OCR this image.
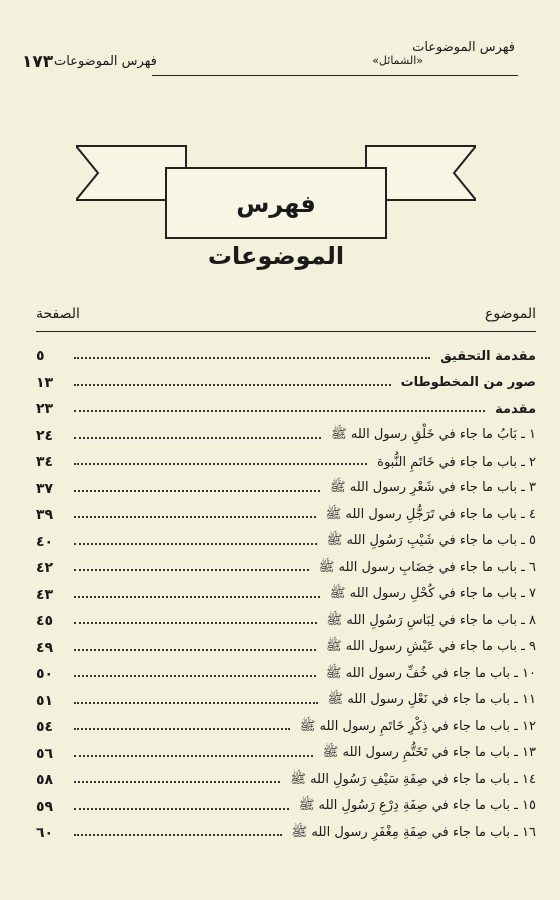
فهرس الموضوعات
١٧٣ فهرس الموضوعات	«الشمائل»
فهرس الموضوعات
الموضوع
الصفحة
مقدمة التحقيق
٥
صور من المخطوطات
١٣
مقدمة
٢٣
١ ـ بَابُ ما جاء في خَلْقِ رسول الله ﷺ
٢٤
٢ ـ باب ما جاء في خَاتَمِ النُّبوة
٣٤
٣ ـ باب ما جاء في شَعْرِ رسول الله ﷺ
٣٧
٤ ـ باب ما جاء في تَرَجُّلِ رسول الله ﷺ
٣٩
٥ ـ باب ما جاء في شَيْبِ رَسُولِ الله ﷺ
٤٠
٦ ـ باب ما جاء في خِضَابِ رسول الله ﷺ
٤٢
٧ ـ باب ما جاء في كُحْلِ رسول الله ﷺ
٤٣
٨ ـ باب ما جاء في لِبَاسِ رَسُولِ الله ﷺ
٤٥
٩ ـ باب ما جاء في عَيْشِ رسول الله ﷺ
٤٩
١٠ ـ باب ما جاء في خُفِّ رسول الله ﷺ
٥٠
١١ ـ باب ما جاء في نَعْلِ رسول الله ﷺ
٥١
١٢ ـ باب ما جاء في ذِكْرِ خَاتَمِ رسول الله ﷺ
٥٤
١٣ ـ باب ما جاء في تَخَتُّمِ رسول الله ﷺ
٥٦
١٤ ـ باب ما جاء في صِفَةِ سَيْفِ رَسُولِ الله ﷺ
٥٨
١٥ ـ باب ما جاء في صِفَةِ دِرْعِ رَسُولِ الله ﷺ
٥٩
١٦ ـ باب ما جاء في صِفَةِ مِغْفَرِ رسول الله ﷺ
٦٠
